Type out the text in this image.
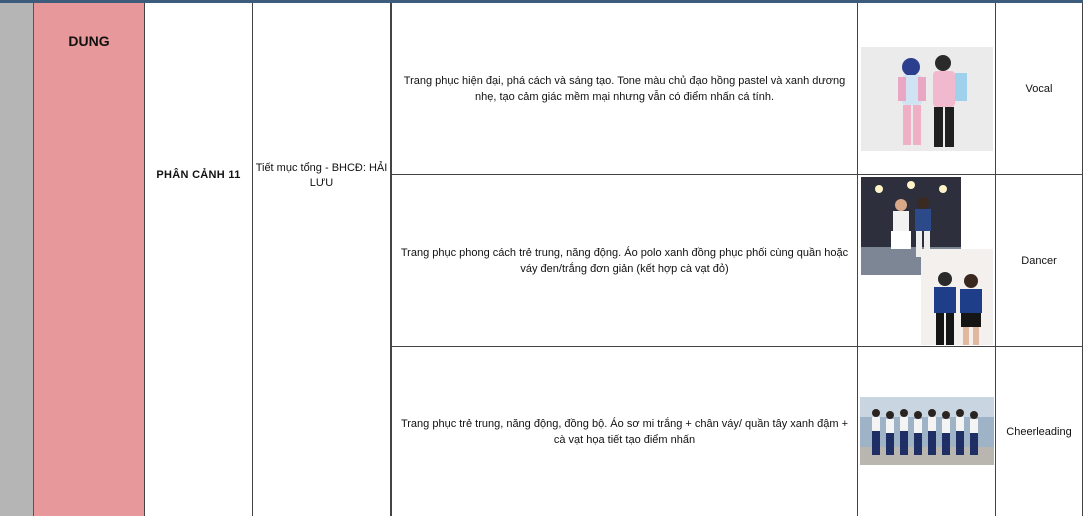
DUNG
PHÂN CẢNH 11
Tiết mục tổng - BHCĐ: HẢI LƯU
Trang phục hiện đại, phá cách và sáng tạo. Tone màu chủ đạo hồng pastel và xanh dương nhẹ, tạo cảm giác mềm mại nhưng vẫn có điểm nhấn cá tính.
Vocal
Trang phục phong cách trẻ trung, năng động. Áo polo xanh đồng phục phối cùng quần hoặc váy đen/trắng đơn giản (kết hợp cà vạt đỏ)
Dancer
Trang phục trẻ trung, năng động, đồng bộ. Áo sơ mi trắng + chân váy/ quần tây xanh đậm + cà vạt họa tiết tạo điểm nhấn
Cheerleading
